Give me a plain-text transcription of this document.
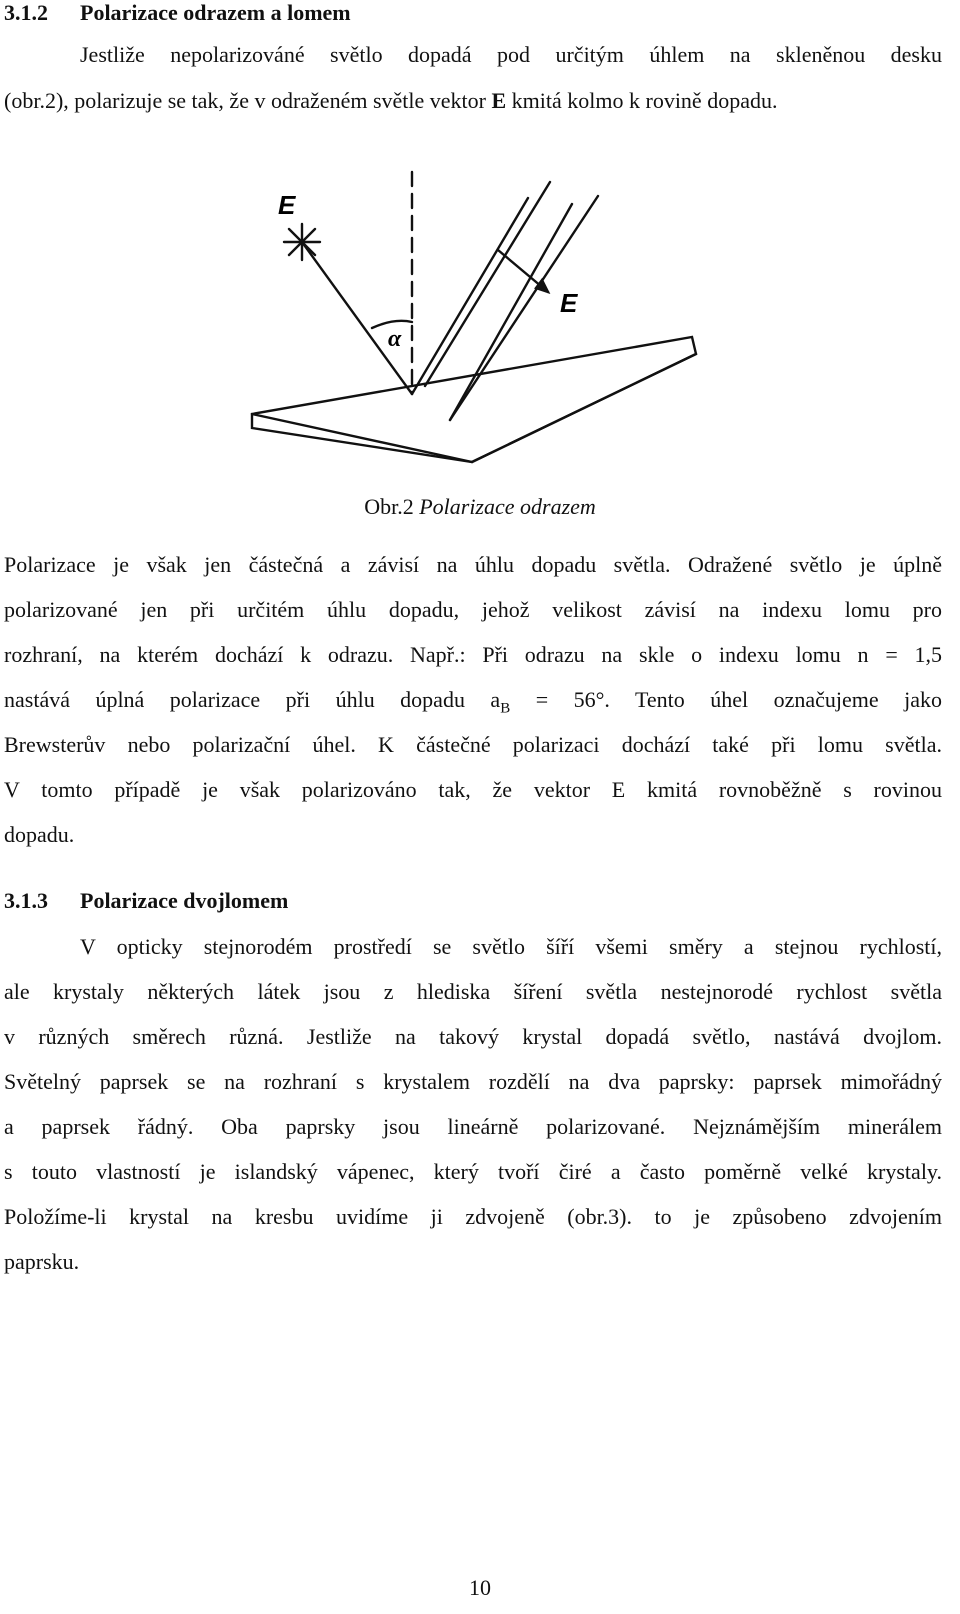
3.1.2 Polarizace odrazem a lomem
Jestliže nepolarizováné světlo dopadá pod určitým úhlem na skleněnou desku
(obr.2), polarizuje se tak, že v odraženém světle vektor E kmitá kolmo k rovině dopadu.
E
E
α
Obr.2 Polarizace odrazem
Polarizace je však jen částečná a závisí na úhlu dopadu světla. Odražené světlo je úplně
polarizované jen při určitém úhlu dopadu, jehož velikost závisí na indexu lomu pro
rozhraní, na kterém dochází k odrazu. Např.: Při odrazu na skle o indexu lomu n = 1,5
nastává úplná polarizace při úhlu dopadu $a_B = 56^\circ$. Tento úhel označujeme jako
Brewsterův nebo polarizační úhel. K částečné polarizaci dochází také při lomu světla.
V tomto případě je však polarizováno tak, že vektor E kmitá rovnoběžně s rovinou
dopadu.
3.1.3 Polarizace dvojlomem
V opticky stejnorodém prostředí se světlo šíří všemi směry a stejnou rychlostí,
ale krystaly některých látek jsou z hlediska šíření světla nestejnorodé rychlost světla
v různých směrech různá. Jestliže na takový krystal dopadá světlo, nastává dvojlom.
Světelný paprsek se na rozhraní s krystalem rozdělí na dva paprsky: paprsek mimořádný
a paprsek řádný. Oba paprsky jsou lineárně polarizované. Nejznámějším minerálem
s touto vlastností je islandský vápenec, který tvoří čiré a často poměrně velké krystaly.
Položíme-li krystal na kresbu uvidíme ji zdvojeně (obr.3). to je způsobeno zdvojením
paprsku.
10
